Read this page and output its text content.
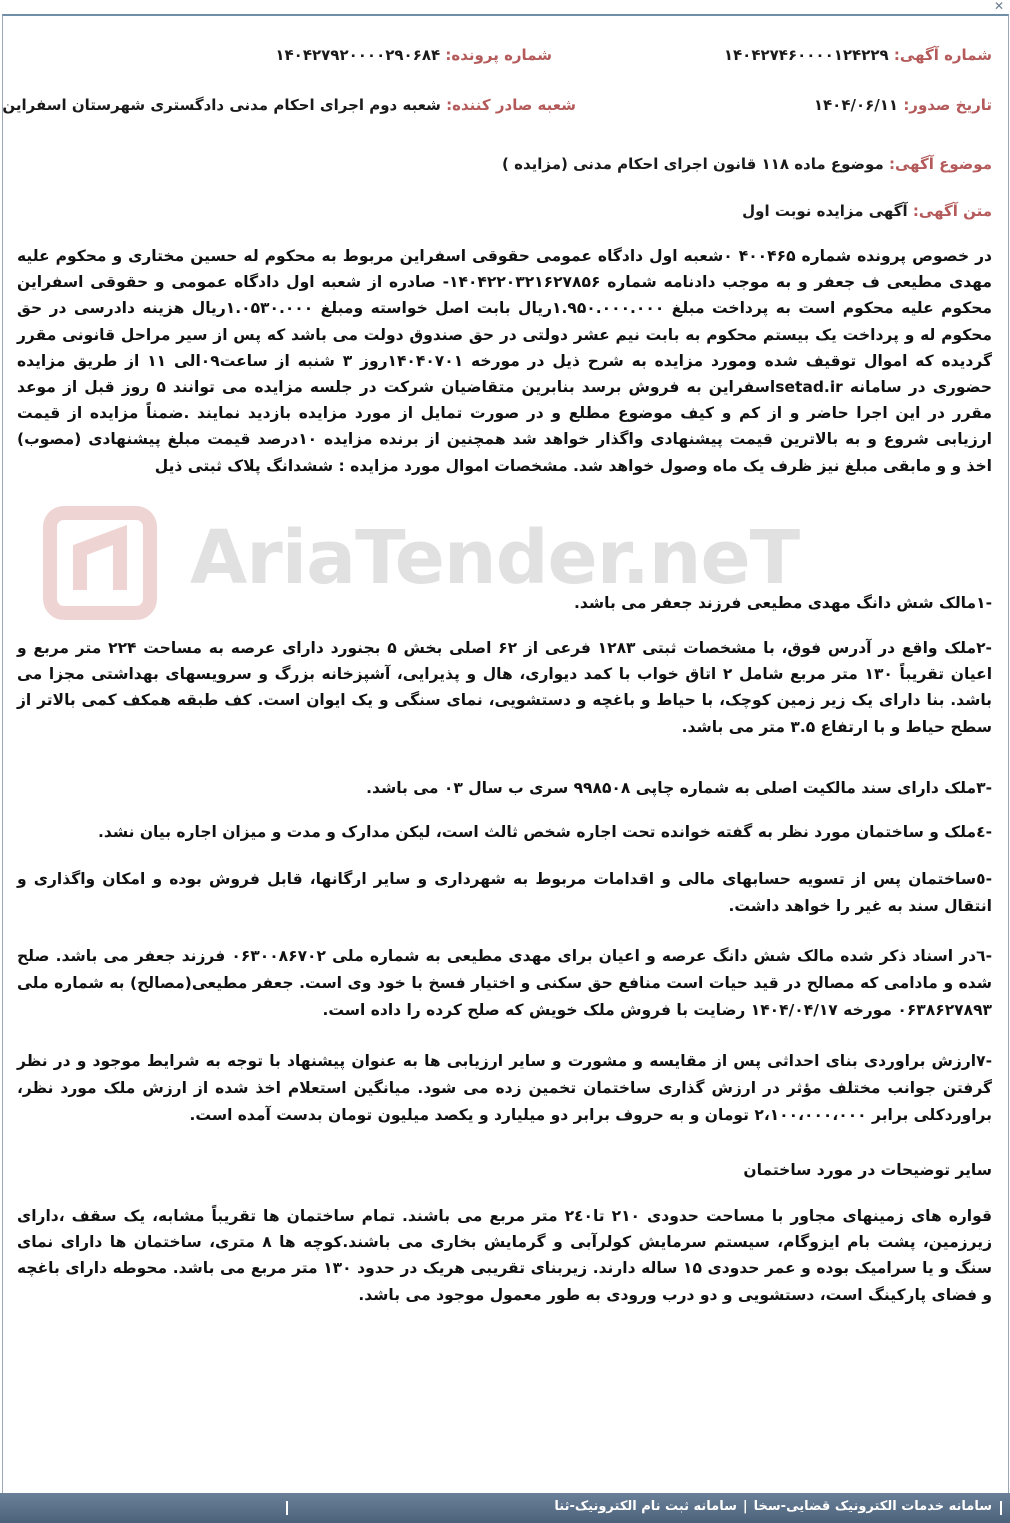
✕
شماره آگهی: ۱۴۰۴۲۷۴۶۰۰۰۰۱۲۴۲۲۹
شماره پرونده: ۱۴۰۴۲۷۹۲۰۰۰۰۲۹۰۶۸۴
تاریخ صدور: ۱۴۰۴/۰۶/۱۱
شعبه صادر کننده: شعبه دوم اجرای احکام مدنی دادگستری شهرستان اسفراین
موضوع آگهی: موضوع ماده ۱۱۸ قانون اجرای احکام مدنی (مزایده )
متن آگهی: آگهی مزایده نوبت اول
AriaTender.neT
در خصوص پرونده شماره ۴۰۰۴۶۵ ۰شعبه اول دادگاه عمومی حقوقی اسفراین مربوط به محکوم له حسین مختاری و محکوم علیه مهدی مطیعی ف جعفر و به موجب دادنامه شماره ۱۴۰۴۲۲۰۳۲۱۶۲۷۸۵۶- صادره از شعبه اول دادگاه عمومی و حقوقی اسفراین محکوم علیه محکوم است به پرداخت مبلغ ۱.۹۵۰.۰۰۰.۰۰۰ریال بابت اصل خواسته ومبلغ ۱.۰۵۳۰.۰۰۰ریال هزینه دادرسی در حق محکوم له و پرداخت یک بیستم محکوم به بابت نیم عشر دولتی در حق صندوق دولت می باشد که پس از سیر مراحل قانونی مقرر گردیده که اموال توقیف شده ومورد مزایده به شرح ذیل در مورخه ۱۴۰۴۰۷۰۱روز ۳ شنبه از ساعت۰۹الی ۱۱ از طریق مزایده حضوری در سامانه setad.irاسفراین به فروش برسد بنابرین متقاضیان شرکت در جلسه مزایده می توانند ۵ روز قبل از موعد مقرر در این اجرا حاضر و از کم و کیف موضوع مطلع و در صورت تمایل از مورد مزایده بازدید نمایند .ضمناً مزایده از قیمت ارزیابی شروع و به بالاترین قیمت پیشنهادی واگذار خواهد شد همچنین از برنده مزایده ۱۰درصد قیمت مبلغ پیشنهادی (مصوب) اخذ و و مابقی مبلغ نیز ظرف یک ماه وصول خواهد شد. مشخصات اموال مورد مزایده : ششدانگ پلاک ثبتی ذیل
-۱مالک شش دانگ مهدی مطیعی فرزند جعفر می باشد.
-۲ملک واقع در آدرس فوق، با مشخصات ثبتی ۱۲۸۳ فرعی از ۶۲ اصلی بخش ۵ بجنورد دارای عرصه به مساحت ۲۲۴ متر مربع و اعیان تقریباً ۱۳۰ متر مربع شامل ۲ اتاق خواب با کمد دیواری، هال و پذیرایی، آشپزخانه بزرگ و سرویسهای بهداشتی مجزا می باشد. بنا دارای یک زیر زمین کوچک، با حیاط و باغچه و دستشویی، نمای سنگی و یک ایوان است. کف طبقه همکف کمی بالاتر از سطح حیاط و با ارتفاع ۳.۵ متر می باشد.
-۳ملک دارای سند مالکیت اصلی به شماره چاپی ۹۹۸۵۰۸ سری ب سال ۰۳ می باشد.
-٤ملک و ساختمان مورد نظر به گفته خوانده تحت اجاره شخص ثالث است، لیکن مدارک و مدت و میزان اجاره بیان نشد.
-٥ساختمان پس از تسویه حسابهای مالی و اقدامات مربوط به شهرداری و سایر ارگانها، قابل فروش بوده و امکان واگذاری و انتقال سند به غیر را خواهد داشت.
-٦در اسناد ذکر شده مالک شش دانگ عرصه و اعیان برای مهدی مطیعی به شماره ملی ۰۶۳۰۰۸۶۷۰۲ فرزند جعفر می باشد. صلح شده و مادامی که مصالح در قید حیات است منافع حق سکنی و اختیار فسخ با خود وی است. جعفر مطیعی(مصالح) به شماره ملی ۰۶۳۸۶۲۷۸۹۳ مورخه ۱۴۰۴/۰۴/۱۷ رضایت با فروش ملک خویش که صلح کرده را داده است.
-۷ارزش براوردی بنای احداثی پس از مقایسه و مشورت و سایر ارزیابی ها به عنوان پیشنهاد با توجه به شرایط موجود و در نظر گرفتن جوانب مختلف مؤثر در ارزش گذاری ساختمان تخمین زده می شود. میانگین استعلام اخذ شده از ارزش ملک مورد نظر، براوردکلی برابر ۲،۱۰۰،۰۰۰،۰۰۰ تومان و به حروف برابر دو میلیارد و یکصد میلیون تومان بدست آمده است.
سایر توضیحات در مورد ساختمان
قواره های زمینهای مجاور با مساحت حدودی ۲۱۰ تا۲٤۰ متر مربع می باشند. تمام ساختمان ها تقریباً مشابه، یک سقف ،دارای زیرزمین، پشت بام ایزوگام، سیستم سرمایش کولرآبی و گرمایش بخاری می باشند.کوچه ها ۸ متری، ساختمان ها دارای نمای سنگ و یا سرامیک بوده و عمر حدودی ۱۵ ساله دارند. زیربنای تقریبی هریک در حدود ۱۳۰ متر مربع می باشد. محوطه دارای باغچه و فضای پارکینگ است، دستشویی و دو درب ورودی به طور معمول موجود می باشد.
سامانه خدمات الکترونیک قضایی-سخا|سامانه ثبت نام الکترونیک-ثنا
